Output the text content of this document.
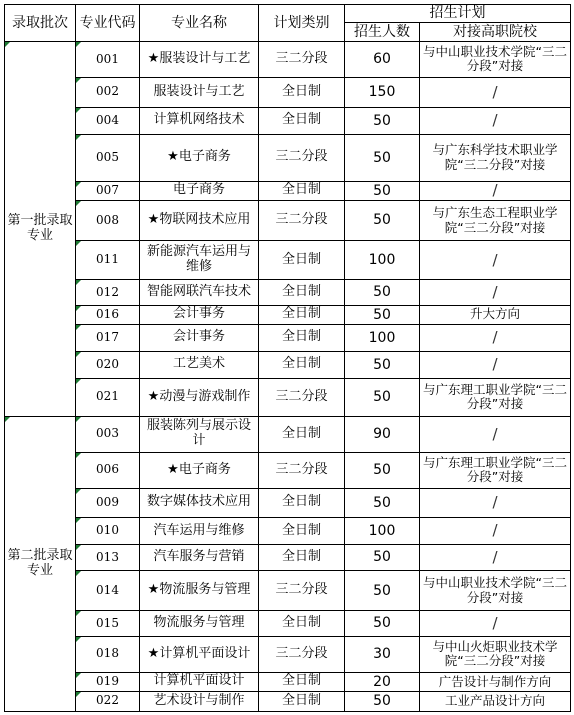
录取批次	专业代码	专业名称	计划类别	招生计划	
				招生人数	对接高职院校
第一批录取专业	001	★服装设计与工艺	三二分段	60	与中山职业技术学院“三二分段”对接
	002	服装设计与工艺	全日制	150	/
	004	计算机网络技术	全日制	50	/
	005	★电子商务	三二分段	50	与广东科学技术职业学院“三二分段”对接
	007	电子商务	全日制	50	/
	008	★物联网技术应用	三二分段	50	与广东生态工程职业学院“三二分段”对接
	011	新能源汽车运用与维修	全日制	100	/
	012	智能网联汽车技术	全日制	50	/
	016	会计事务	全日制	50	升大方向
	017	会计事务	全日制	100	/
	020	工艺美术	全日制	50	/
	021	★动漫与游戏制作	三二分段	50	与广东理工职业学院“三二分段”对接
第二批录取专业	003	服装陈列与展示设计	全日制	90	/
	006	★电子商务	三二分段	50	与广东理工职业学院“三二分段”对接
	009	数字媒体技术应用	全日制	50	/
	010	汽车运用与维修	全日制	100	/
	013	汽车服务与营销	全日制	50	/
	014	★物流服务与管理	三二分段	50	与中山职业技术学院“三二分段”对接
	015	物流服务与管理	全日制	50	/
	018	★计算机平面设计	三二分段	30	与中山火炬职业技术学院“三二分段”对接
	019	计算机平面设计	全日制	20	广告设计与制作方向
	022	艺术设计与制作	全日制	50	工业产品设计方向
